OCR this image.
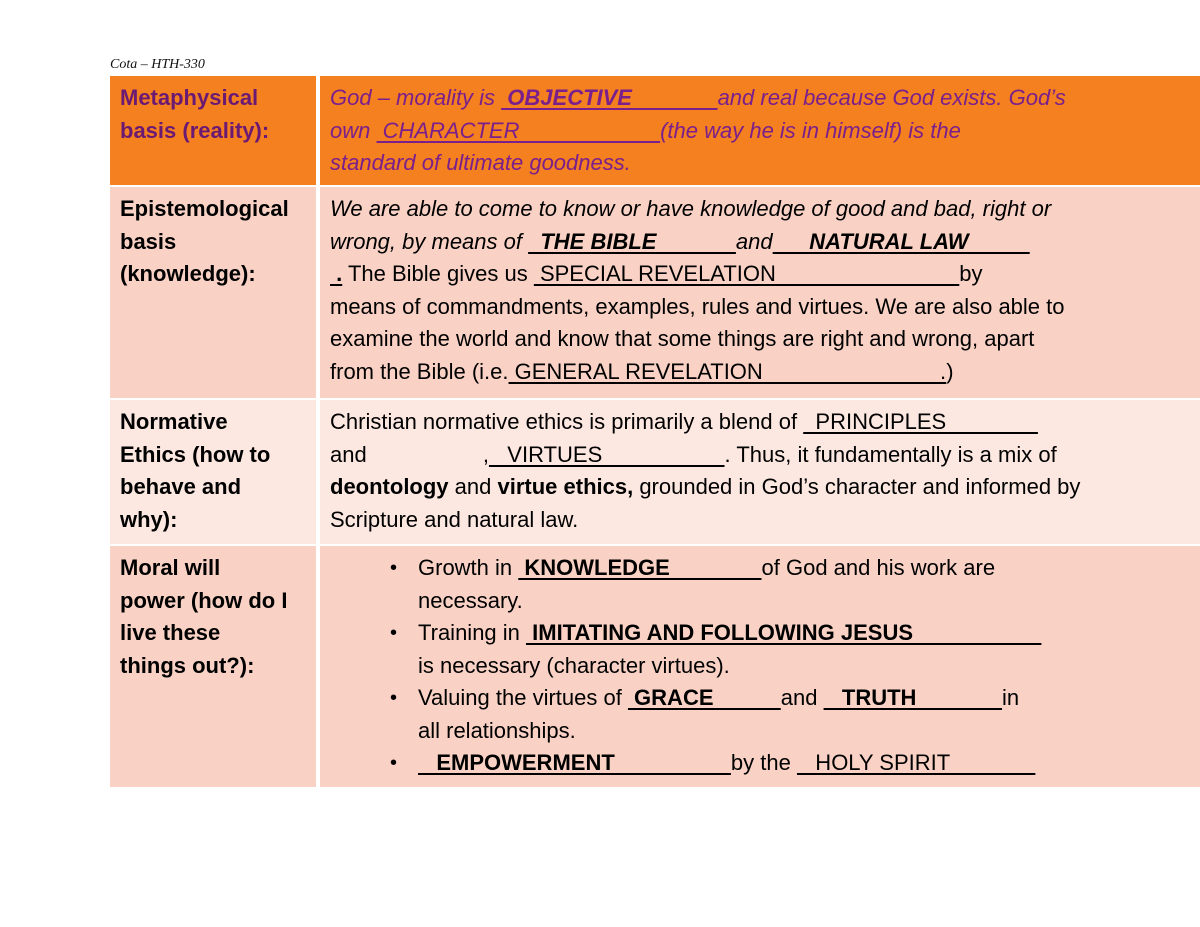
Cota – HTH-330
Metaphysical
basis (reality):
God – morality is  OBJECTIVE              and real because God exists. God’s
own  CHARACTER                       (the way he is in himself) is the
standard of ultimate goodness.
Epistemological
basis
(knowledge):
We are able to come to know or have knowledge of good and bad, right or
wrong, by means of   THE BIBLE             and      NATURAL LAW
. The Bible gives us  SPECIAL REVELATION                              by
means of commandments, examples, rules and virtues. We are also able to
examine the world and know that some things are right and wrong, apart
from the Bible (i.e. GENERAL REVELATION                             .)
Normative
Ethics (how to
behave and
why):
Christian normative ethics is primarily a blend of   PRINCIPLES
and                   ,   VIRTUES                    . Thus, it fundamentally is a mix of
deontology and virtue ethics, grounded in God’s character and informed by
Scripture and natural law.
Moral will
power (how do I
live these
things out?):
• Growth in  KNOWLEDGE               of God and his work are
necessary.
• Training in  IMITATING AND FOLLOWING JESUS
is necessary (character virtues).
• Valuing the virtues of  GRACE           and    TRUTH              in
all relationships.
• EMPOWERMENT                   by the    HOLY SPIRIT
